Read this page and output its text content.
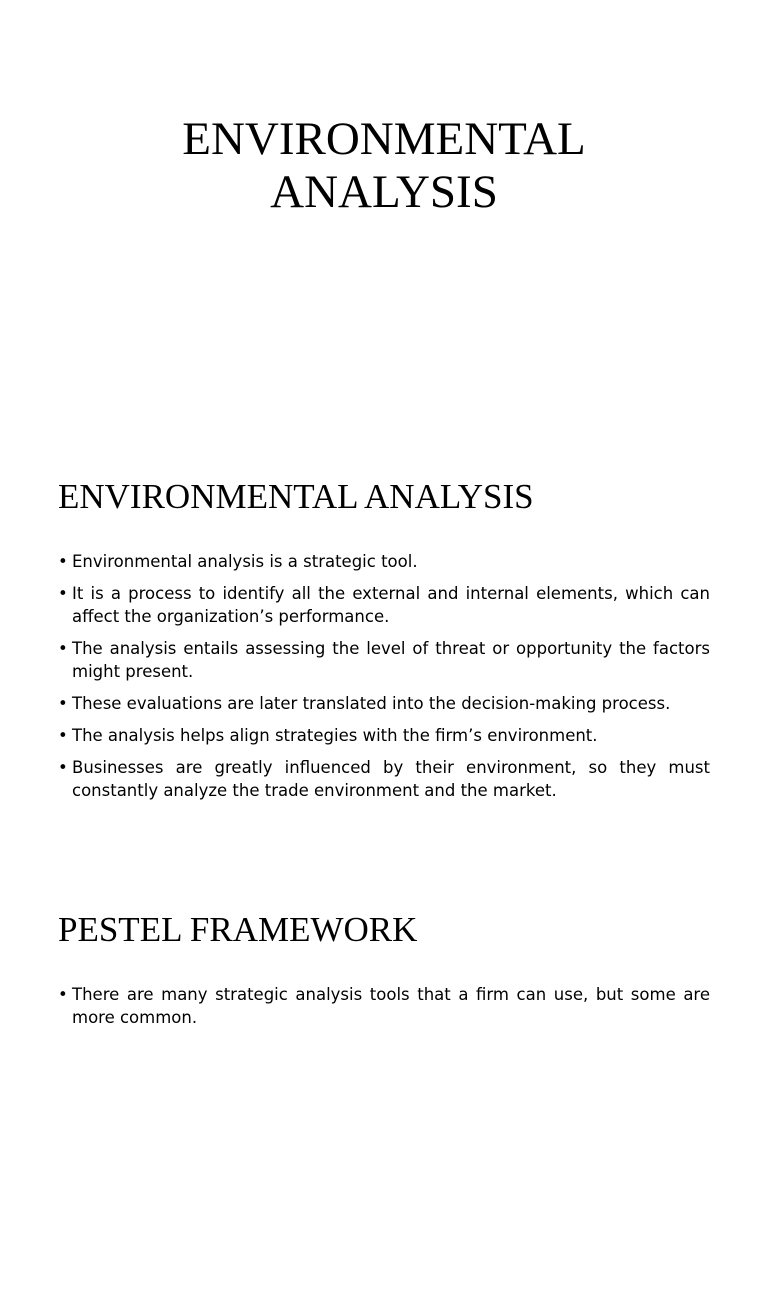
ENVIRONMENTAL
ANALYSIS
ENVIRONMENTAL ANALYSIS
• Environmental analysis is a strategic tool.
• It is a process to identify all the external and internal elements, which can affect the organization’s performance.
• The analysis entails assessing the level of threat or opportunity the factors might present.
• These evaluations are later translated into the decision-making process.
• The analysis helps align strategies with the firm’s environment.
• Businesses are greatly influenced by their environment, so they must constantly analyze the trade environment and the market.
PESTEL FRAMEWORK
• There are many strategic analysis tools that a firm can use, but some are more common.
